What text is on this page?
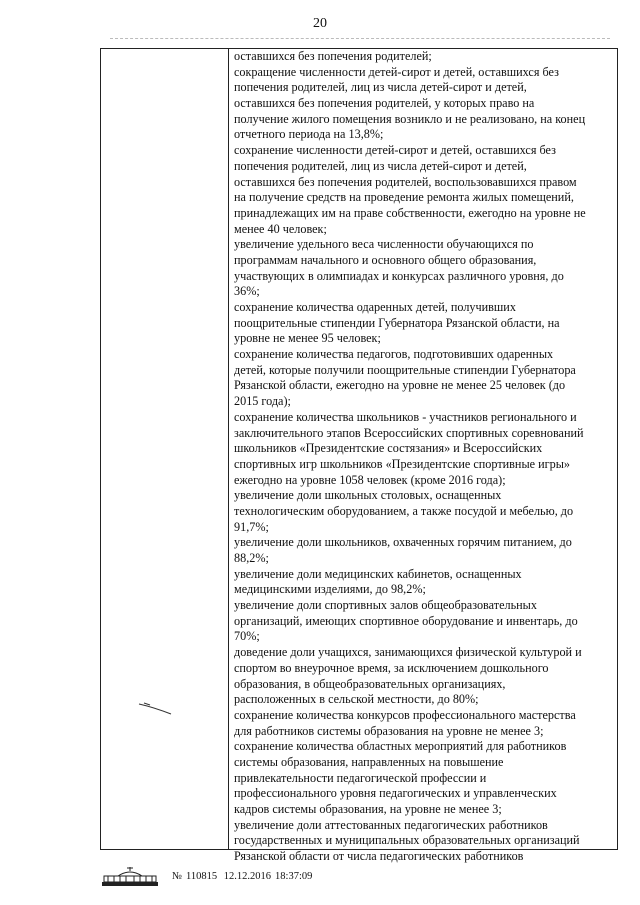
20
оставшихся без попечения родителей;
сокращение численности детей-сирот и детей, оставшихся без
попечения родителей, лиц из числа детей-сирот и детей,
оставшихся без попечения родителей, у которых право на
получение жилого помещения возникло и не реализовано, на конец
отчетного периода на 13,8%;
сохранение численности детей-сирот и детей, оставшихся без
попечения родителей, лиц из числа детей-сирот и детей,
оставшихся без попечения родителей, воспользовавшихся правом
на получение средств на проведение ремонта жилых помещений,
принадлежащих им на праве собственности, ежегодно на уровне не
менее 40 человек;
увеличение удельного веса численности обучающихся по
программам начального и основного общего образования,
участвующих в олимпиадах и конкурсах различного уровня, до
36%;
сохранение количества одаренных детей, получивших
поощрительные стипендии Губернатора Рязанской области, на
уровне не менее 95 человек;
сохранение количества педагогов, подготовивших одаренных
детей, которые получили поощрительные стипендии Губернатора
Рязанской области, ежегодно на уровне не менее 25 человек (до
2015 года);
сохранение количества школьников - участников регионального и
заключительного этапов Всероссийских спортивных соревнований
школьников «Президентские состязания» и Всероссийских
спортивных игр школьников «Президентские спортивные игры»
ежегодно на уровне 1058 человек (кроме 2016 года);
увеличение доли школьных столовых, оснащенных
технологическим оборудованием, а также посудой и мебелью, до
91,7%;
увеличение доли школьников, охваченных горячим питанием, до
88,2%;
увеличение доли медицинских кабинетов, оснащенных
медицинскими изделиями, до 98,2%;
увеличение доли спортивных залов общеобразовательных
организаций, имеющих спортивное оборудование и инвентарь, до
70%;
доведение доли учащихся, занимающихся физической культурой и
спортом во внеурочное время, за исключением дошкольного
образования, в общеобразовательных организациях,
расположенных в сельской местности, до 80%;
сохранение количества конкурсов профессионального мастерства
для работников системы образования на уровне не менее 3;
сохранение количества областных мероприятий для работников
системы образования, направленных на повышение
привлекательности педагогической профессии и
профессионального уровня педагогических и управленческих
кадров системы образования, на уровне не менее 3;
увеличение доли аттестованных педагогических работников
государственных и муниципальных образовательных организаций
Рязанской области от числа педагогических работников
№ 110815 12.12.2016 18:37:09
